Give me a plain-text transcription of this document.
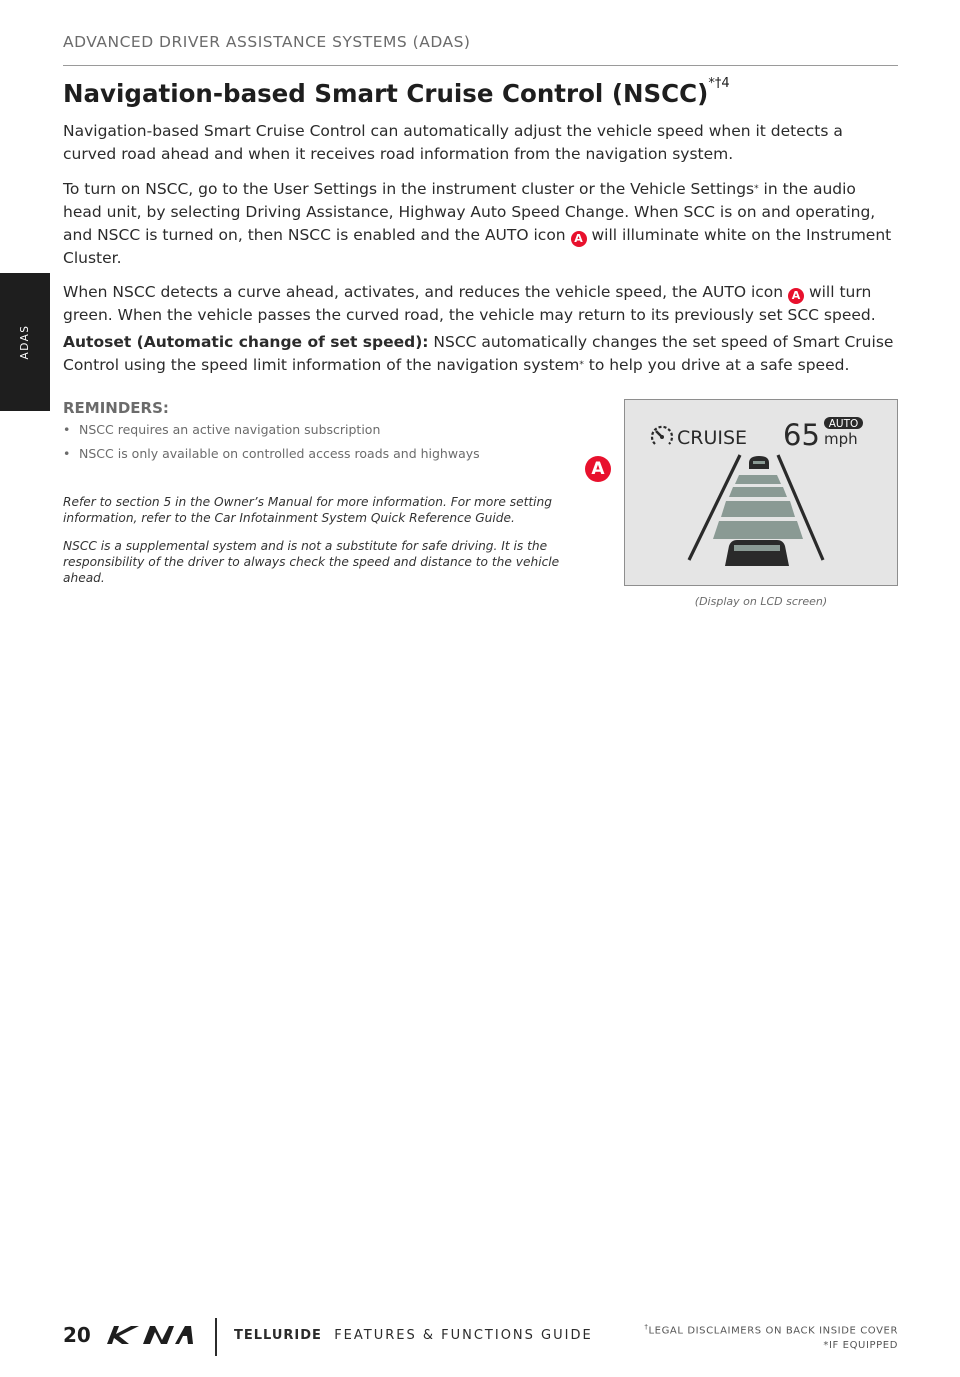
ADVANCED DRIVER ASSISTANCE SYSTEMS (ADAS)
ADAS
Navigation-based Smart Cruise Control (NSCC)$^{*\dagger 4}$

Navigation-based Smart Cruise Control can automatically adjust the vehicle speed when it detects a curved road ahead and when it receives road information from the navigation system.

To turn on NSCC, go to the User Settings in the instrument cluster or the Vehicle Settings* in the audio head unit, by selecting Driving Assistance, Highway Auto Speed Change. When SCC is on and operating, and NSCC is turned on, then NSCC is enabled and the AUTO icon A will illuminate white on the Instrument Cluster.

When NSCC detects a curve ahead, activates, and reduces the vehicle speed, the AUTO icon A will turn green. When the vehicle passes the curved road, the vehicle may return to its previously set SCC speed.

Autoset (Automatic change of set speed): NSCC automatically changes the set speed of Smart Cruise Control using the speed limit information of the navigation system* to help you drive at a safe speed.

REMINDERS:
• NSCC requires an active navigation subscription
• NSCC is only available on controlled access roads and highways

Refer to section 5 in the Owner’s Manual for more information. For more setting information, refer to the Car Infotainment System Quick Reference Guide.

NSCC is a supplemental system and is not a substitute for safe driving. It is the responsibility of the driver to always check the speed and distance to the vehicle ahead.

CRUISE 65 AUTO
mph
(Display on LCD screen)
A
20	TELLURIDE FEATURES & FUNCTIONS GUIDE
†LEGAL DISCLAIMERS ON BACK INSIDE COVER
*IF EQUIPPED
